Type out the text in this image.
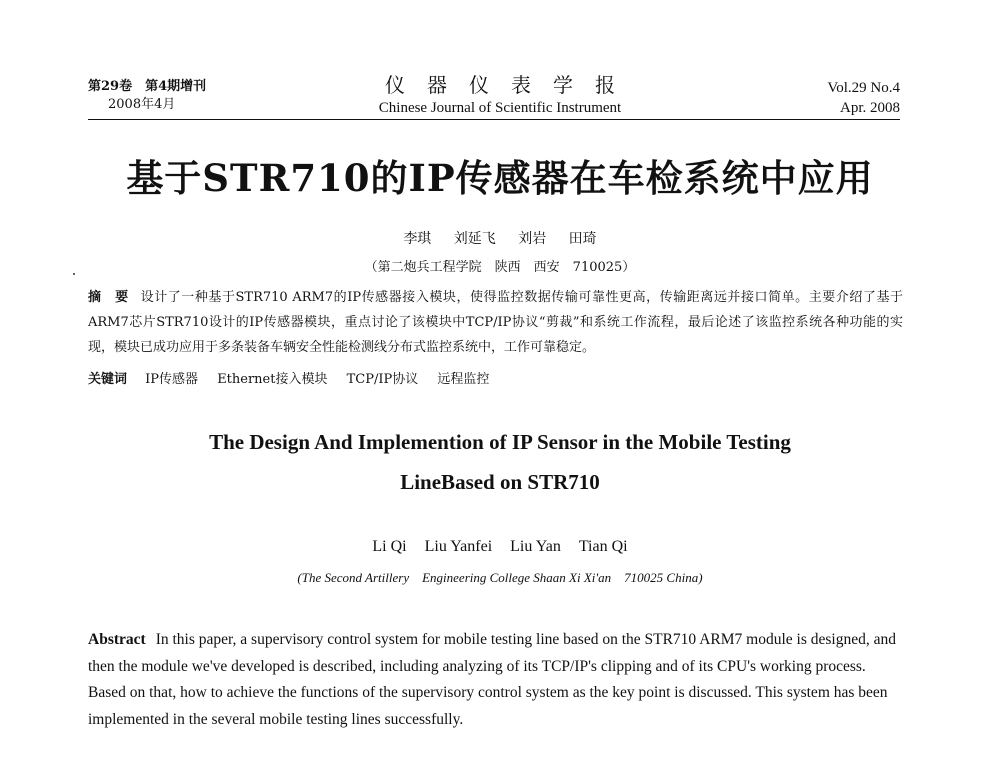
第29卷　第4期增刊
2008年4月
仪器仪表学报
Chinese Journal of Scientific Instrument
Vol.29 No.4
Apr. 2008
基于STR710的IP传感器在车检系统中应用
李琪 刘延飞 刘岩 田琦
（第二炮兵工程学院　陕西　西安　710025）
摘　要 设计了一种基于STR710 ARM7的IP传感器接入模块，使得监控数据传输可靠性更高，传输距离远并接口简单。主要介绍了基于ARM7芯片STR710设计的IP传感器模块，重点讨论了该模块中TCP/IP协议“剪裁”和系统工作流程，最后论述了该监控系统各种功能的实现，模块已成功应用于多条装备车辆安全性能检测线分布式监控系统中，工作可靠稳定。
关键词 IP传感器 Ethernet接入模块 TCP/IP协议 远程监控
The Design And Implemention of IP Sensor in the Mobile Testing
LineBased on STR710
Li Qi Liu Yanfei Liu Yan Tian Qi
(The Second Artillery　Engineering College Shaan Xi Xi'an　710025 China)
Abstract In this paper, a supervisory control system for mobile testing line based on the STR710 ARM7 module is designed, and then the module we've developed is described, including analyzing of its TCP/IP's clipping and of its CPU's working process. Based on that, how to achieve the functions of the supervisory control system as the key point is discussed. This system has been implemented in the several mobile testing lines successfully.
